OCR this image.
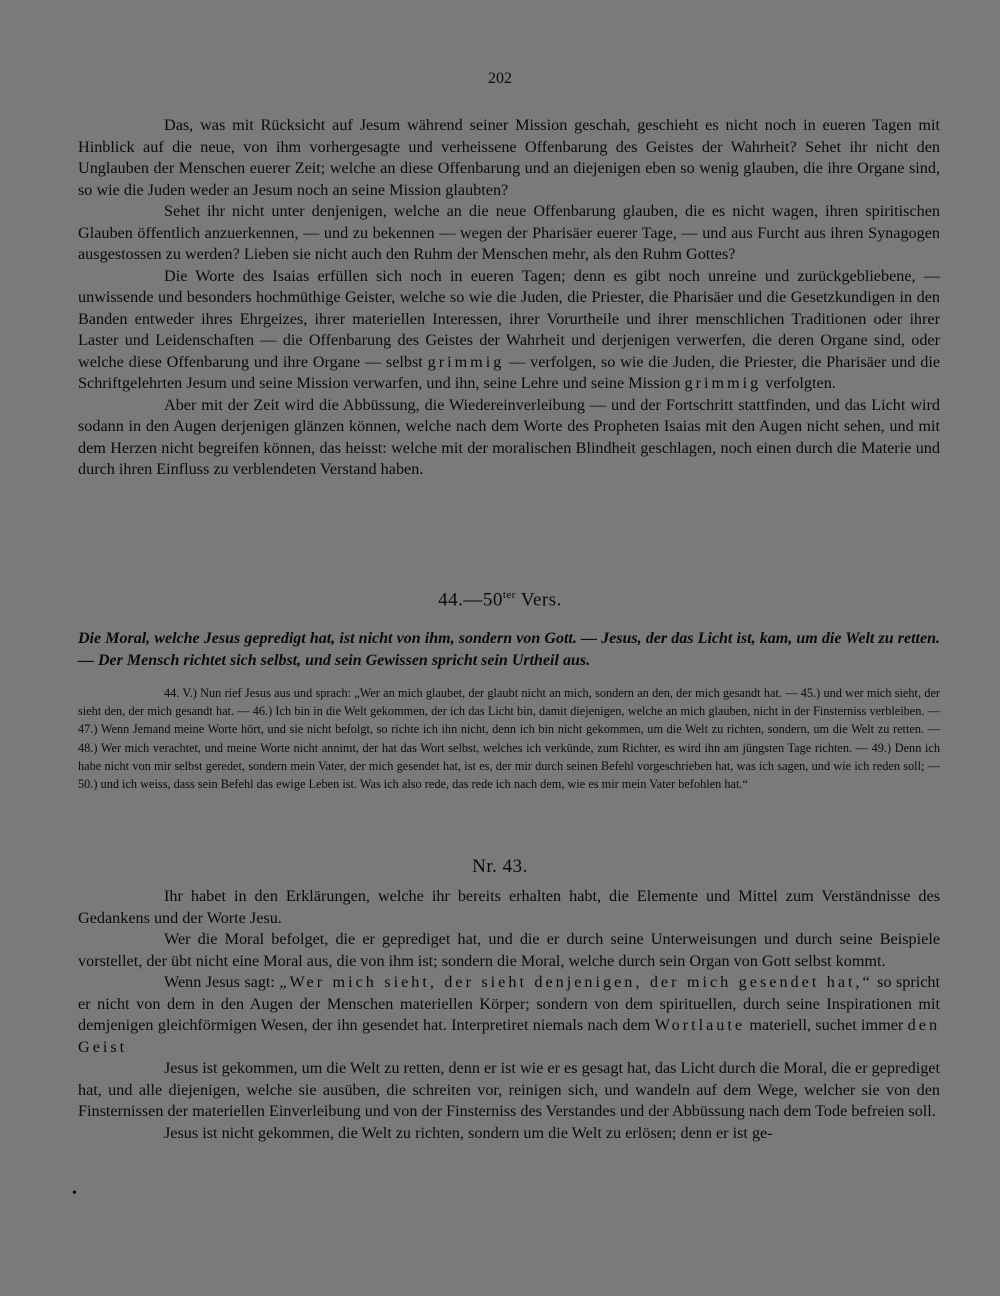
202

Das, was mit Rücksicht auf Jesum während seiner Mission geschah, geschieht es nicht noch in eueren Tagen mit Hinblick auf die neue, von ihm vorhergesagte und verheissene Offenbarung des Geistes der Wahrheit? Sehet ihr nicht den Unglauben der Menschen euerer Zeit; welche an diese Offenbarung und an diejenigen eben so wenig glauben, die ihre Organe sind, so wie die Juden weder an Jesum noch an seine Mission glaubten?

Sehet ihr nicht unter denjenigen, welche an die neue Offenbarung glauben, die es nicht wagen, ihren spiritischen Glauben öffentlich anzuerkennen, — und zu bekennen — wegen der Pharisäer euerer Tage, — und aus Furcht aus ihren Synagogen ausgestossen zu werden? Lieben sie nicht auch den Ruhm der Menschen mehr, als den Ruhm Gottes?

Die Worte des Isaias erfüllen sich noch in eueren Tagen; denn es gibt noch unreine und zurückgebliebene, — unwissende und besonders hochmüthige Geister, welche so wie die Juden, die Priester, die Pharisäer und die Gesetzkundigen in den Banden entweder ihres Ehrgeizes, ihrer materiellen Interessen, ihrer Vorurtheile und ihrer menschlichen Traditionen oder ihrer Laster und Leidenschaften — die Offenbarung des Geistes der Wahrheit und derjenigen verwerfen, die deren Organe sind, oder welche diese Offenbarung und ihre Organe — selbst grimmig — verfolgen, so wie die Juden, die Priester, die Pharisäer und die Schriftgelehrten Jesum und seine Mission verwarfen, und ihn, seine Lehre und seine Mission grimmig verfolgten.

Aber mit der Zeit wird die Abbüssung, die Wiedereinverleibung — und der Fortschritt stattfinden, und das Licht wird sodann in den Augen derjenigen glänzen können, welche nach dem Worte des Propheten Isaias mit den Augen nicht sehen, und mit dem Herzen nicht begreifen können, das heisst: welche mit der moralischen Blindheit geschlagen, noch einen durch die Materie und durch ihren Einfluss zu verblendeten Verstand haben.

$44.—50^{ter}$ Vers.
Die Moral, welche Jesus gepredigt hat, ist nicht von ihm, sondern von Gott. — Jesus, der das Licht ist, kam, um die Welt zu retten. — Der Mensch richtet sich selbst, und sein Gewissen spricht sein Urtheil aus.

44. V.) Nun rief Jesus aus und sprach: „Wer an mich glaubet, der glaubt nicht an mich, sondern an den, der mich gesandt hat. — 45.) und wer mich sieht, der sieht den, der mich gesandt hat. — 46.) Ich bin in die Welt gekommen, der ich das Licht bin, damit diejenigen, welche an mich glauben, nicht in der Finsterniss verbleiben. — 47.) Wenn Jemand meine Worte hört, und sie nicht befolgt, so richte ich ihn nicht, denn ich bin nicht gekommen, um die Welt zu richten, sondern, um die Welt zu retten. — 48.) Wer mich verachtet, und meine Worte nicht annimt, der hat das Wort selbst, welches ich verkünde, zum Richter, es wird ihn am jüngsten Tage richten. — 49.) Denn ich habe nicht von mir selbst geredet, sondern mein Vater, der mich gesendet hat, ist es, der mir durch seinen Befehl vorgeschrieben hat, was ich sagen, und wie ich reden soll; — 50.) und ich weiss, dass sein Befehl das ewige Leben ist. Was ich also rede, das rede ich nach dem, wie es mir mein Vater befohlen hat.“

Nr. 43.

Ihr habet in den Erklärungen, welche ihr bereits erhalten habt, die Elemente und Mittel zum Verständnisse des Gedankens und der Worte Jesu.

Wer die Moral befolget, die er geprediget hat, und die er durch seine Unterweisungen und durch seine Beispiele vorstellet, der übt nicht eine Moral aus, die von ihm ist; sondern die Moral, welche durch sein Organ von Gott selbst kommt.

Wenn Jesus sagt: „Wer mich sieht, der sieht denjenigen, der mich gesendet hat,“ so spricht er nicht von dem in den Augen der Menschen materiellen Körper; sondern von dem spirituellen, durch seine Inspirationen mit demjenigen gleichförmigen Wesen, der ihn gesendet hat. Interpretiret niemals nach dem Wortlaute materiell, suchet immer den Geist

Jesus ist gekommen, um die Welt zu retten, denn er ist wie er es gesagt hat, das Licht durch die Moral, die er geprediget hat, und alle diejenigen, welche sie ausüben, die schreiten vor, reinigen sich, und wandeln auf dem Wege, welcher sie von den Finsternissen der materiellen Einverleibung und von der Finsterniss des Verstandes und der Abbüssung nach dem Tode befreien soll.

Jesus ist nicht gekommen, die Welt zu richten, sondern um die Welt zu erlösen; denn er ist ge-

•
